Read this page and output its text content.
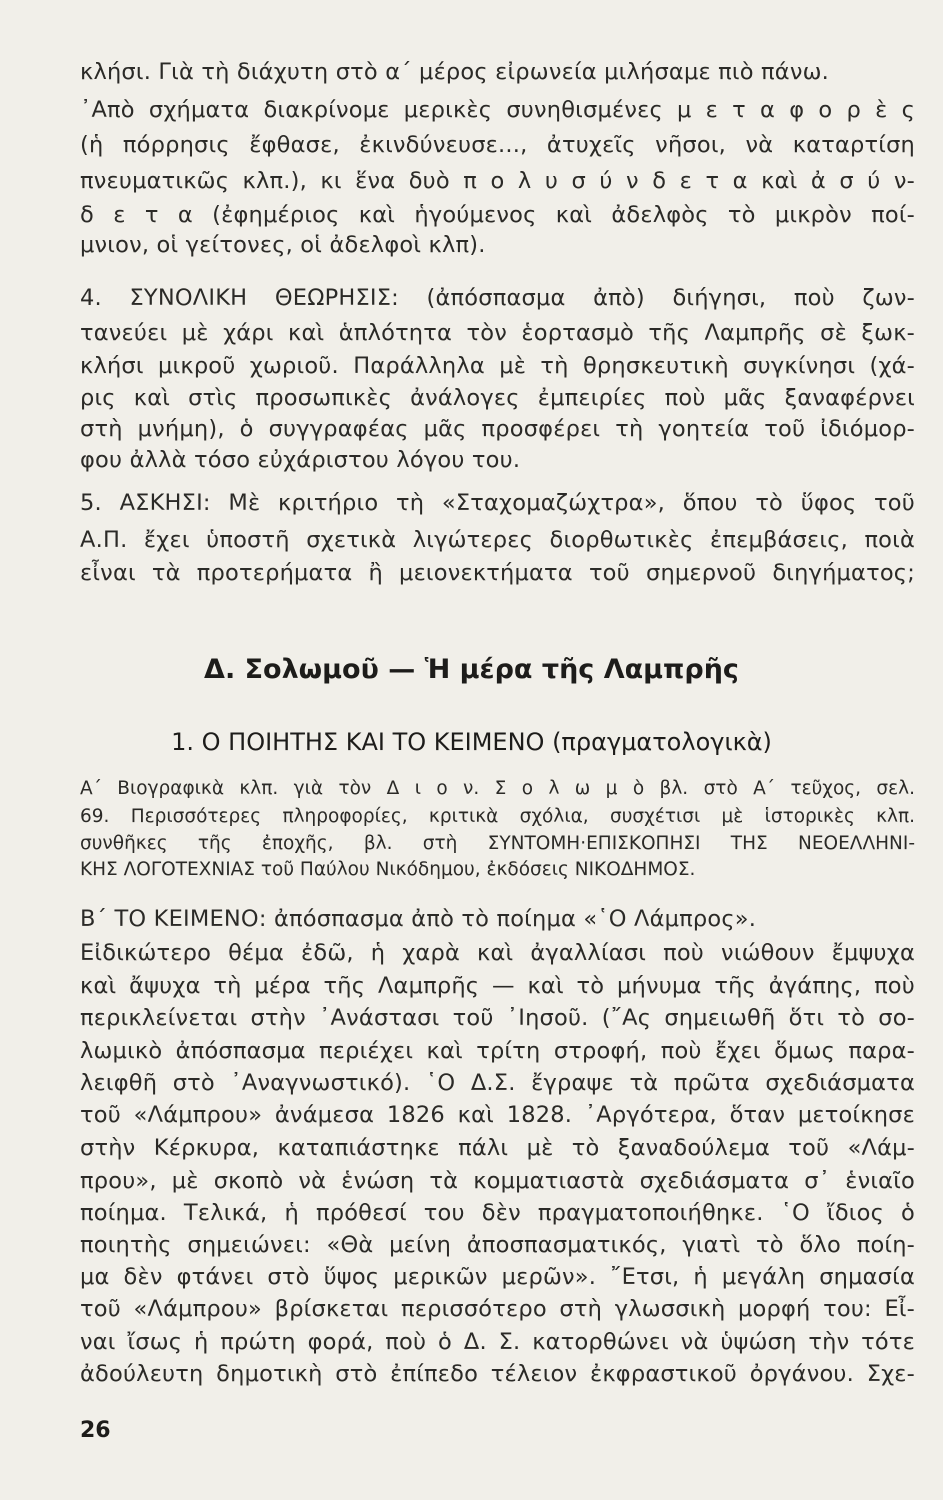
κλήσι. Γιὰ τὴ διάχυτη στὸ α΄ μέρος εἰρωνεία μιλήσαμε πιὸ πάνω.
᾿Απὸ σχήματα διακρίνομε μερικὲς συνηθισμένες μ ε τ α φ ο ρ ὲ ς
(ἡ πόρρησις ἔφθασε, ἐκινδύνευσε..., ἀτυχεῖς νῆσοι, νὰ καταρτίση
πνευματικῶς κλπ.), κι ἕνα δυὸ π ο λ υ σ ύ ν δ ε τ α καὶ ἀ σ ύ ν-
δ ε τ α (ἐφημέριος καὶ ἡγούμενος καὶ ἀδελφὸς τὸ μικρὸν ποί-
μνιον, οἱ γείτονες, οἱ ἀδελφοὶ κλπ).
4. ΣΥΝΟΛΙΚΗ ΘΕΩΡΗΣΙΣ: (ἀπόσπασμα ἀπὸ) διήγησι, ποὺ ζων-
τανεύει μὲ χάρι καὶ ἁπλότητα τὸν ἑορτασμὸ τῆς Λαμπρῆς σὲ ξωκ-
κλήσι μικροῦ χωριοῦ. Παράλληλα μὲ τὴ θρησκευτικὴ συγκίνησι (χά-
ρις καὶ στὶς προσωπικὲς ἀνάλογες ἐμπειρίες ποὺ μᾶς ξαναφέρνει
στὴ μνήμη), ὁ συγγραφέας μᾶς προσφέρει τὴ γοητεία τοῦ ἰδιόμορ-
φου ἀλλὰ τόσο εὐχάριστου λόγου του.
5. ΑΣΚΗΣΙ: Μὲ κριτήριο τὴ «Σταχομαζώχτρα», ὅπου τὸ ὕφος τοῦ
Α.Π. ἔχει ὑποστῆ σχετικὰ λιγώτερες διορθωτικὲς ἐπεμβάσεις, ποιὰ
εἶναι τὰ προτερήματα ἢ μειονεκτήματα τοῦ σημερνοῦ διηγήματος;
Δ. Σολωμοῦ — Ἡ μέρα τῆς Λαμπρῆς
1. Ο ΠΟΙΗΤΗΣ ΚΑΙ ΤΟ ΚΕΙΜΕΝΟ (πραγματολογικὰ)
Α΄ Βιογραφικὰ κλπ. γιὰ τὸν Δ ι ο ν. Σ ο λ ω μ ὸ βλ. στὸ Α΄ τεῦχος, σελ.
69. Περισσότερες πληροφορίες, κριτικὰ σχόλια, συσχέτισι μὲ ἱστορικὲς κλπ.
συνθῆκες τῆς ἐποχῆς, βλ. στὴ ΣΥΝΤΟΜΗ·ΕΠΙΣΚΟΠΗΣΙ ΤΗΣ ΝΕΟΕΛΛΗΝΙ-
ΚΗΣ ΛΟΓΟΤΕΧΝΙΑΣ τοῦ Παύλου Νικόδημου, ἐκδόσεις ΝΙΚΟΔΗΜΟΣ.
Β΄ ΤΟ ΚΕΙΜΕΝΟ: ἀπόσπασμα ἀπὸ τὸ ποίημα «῾Ο Λάμπρος».
Εἰδικώτερο θέμα ἐδῶ, ἡ χαρὰ καὶ ἀγαλλίασι ποὺ νιώθουν ἔμψυχα
καὶ ἄψυχα τὴ μέρα τῆς Λαμπρῆς — καὶ τὸ μήνυμα τῆς ἀγάπης, ποὺ
περικλείνεται στὴν ᾿Ανάστασι τοῦ ᾿Ιησοῦ. (῎Ας σημειωθῆ ὅτι τὸ σο-
λωμικὸ ἀπόσπασμα περιέχει καὶ τρίτη στροφή, ποὺ ἔχει ὅμως παρα-
λειφθῆ στὸ ᾿Αναγνωστικό). ῾Ο Δ.Σ. ἔγραψε τὰ πρῶτα σχεδιάσματα
τοῦ «Λάμπρου» ἀνάμεσα 1826 καὶ 1828. ᾿Αργότερα, ὅταν μετοίκησε
στὴν Κέρκυρα, καταπιάστηκε πάλι μὲ τὸ ξαναδούλεμα τοῦ «Λάμ-
πρου», μὲ σκοπὸ νὰ ἑνώση τὰ κομματιαστὰ σχεδιάσματα σ᾿ ἑνιαῖο
ποίημα. Τελικά, ἡ πρόθεσί του δὲν πραγματοποιήθηκε. ῾Ο ἴδιος ὁ
ποιητὴς σημειώνει: «Θὰ μείνη ἀποσπασματικός, γιατὶ τὸ ὅλο ποίη-
μα δὲν φτάνει στὸ ὕψος μερικῶν μερῶν». ῎Ετσι, ἡ μεγάλη σημασία
τοῦ «Λάμπρου» βρίσκεται περισσότερο στὴ γλωσσικὴ μορφή του: Εἶ-
ναι ἴσως ἡ πρώτη φορά, ποὺ ὁ Δ. Σ. κατορθώνει νὰ ὑψώση τὴν τότε
ἀδούλευτη δημοτικὴ στὸ ἐπίπεδο τέλειον ἐκφραστικοῦ ὀργάνου. Σχε-
26
